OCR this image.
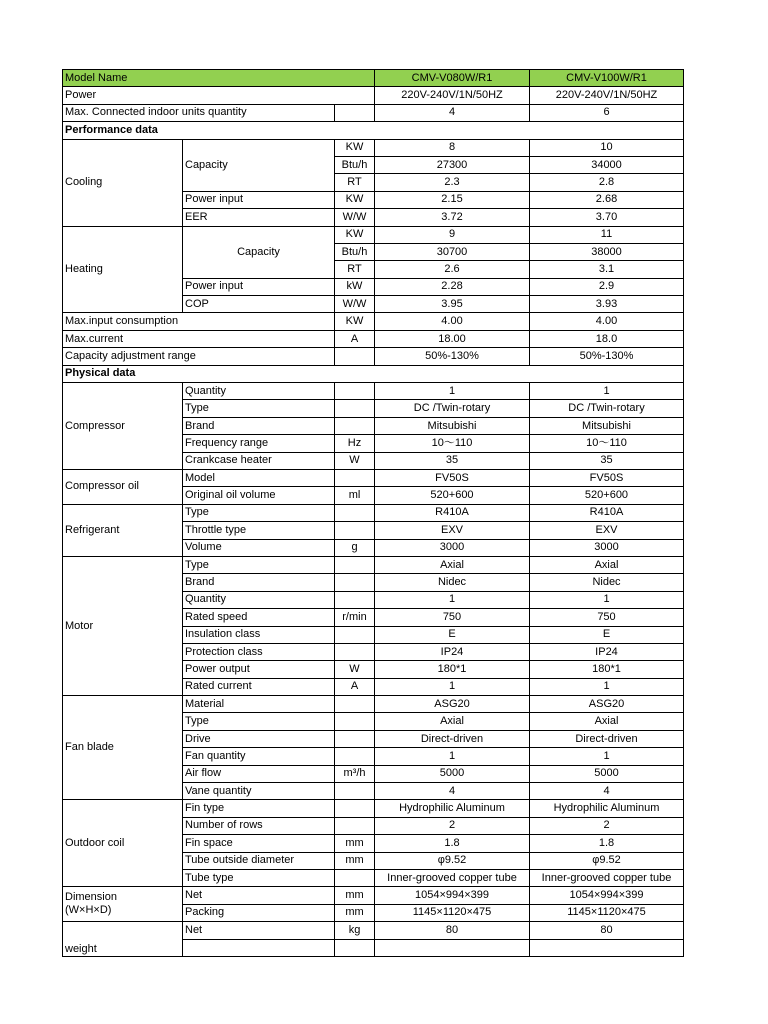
Model Name			CMV-V080W/R1	CMV-V100W/R1
Power			220V-240V/1N/50HZ	220V-240V/1N/50HZ
Max. Connected indoor units quantity			4	6
Performance data				
Cooling	Capacity	KW	8	10
		Btu/h	27300	34000
		RT	2.3	2.8
	Power input	KW	2.15	2.68
	EER	W/W	3.72	3.70
Heating	Capacity	KW	9	11
		Btu/h	30700	38000
		RT	2.6	3.1
	Power input	kW	2.28	2.9
	COP	W/W	3.95	3.93
Max.input consumption		KW	4.00	4.00
Max.current		A	18.00	18.0
Capacity adjustment range			50%-130%	50%-130%
Physical data				
Compressor	Quantity		1	1
	Type		DC /Twin-rotary	DC /Twin-rotary
	Brand		Mitsubishi	Mitsubishi
	Frequency range	Hz	10～110	10～110
	Crankcase heater	W	35	35
Compressor oil	Model		FV50S	FV50S
	Original oil volume	ml	520+600	520+600
Refrigerant	Type		R410A	R410A
	Throttle type		EXV	EXV
	Volume	g	3000	3000
Motor	Type		Axial	Axial
	Brand		Nidec	Nidec
	Quantity		1	1
	Rated speed	r/min	750	750
	Insulation class		E	E
	Protection class		IP24	IP24
	Power output	W	180*1	180*1
	Rated current	A	1	1
Fan blade	Material		ASG20	ASG20
	Type		Axial	Axial
	Drive		Direct-driven	Direct-driven
	Fan quantity		1	1
	Air flow	m³/h	5000	5000
	Vane quantity		4	4
Outdoor coil	Fin type		Hydrophilic Aluminum	Hydrophilic Aluminum
	Number of rows		2	2
	Fin space	mm	1.8	1.8
	Tube outside diameter	mm	φ9.52	φ9.52
	Tube type		Inner-grooved copper tube	Inner-grooved copper tube
Dimension
(W×H×D)	Net	mm	1054×994×399	1054×994×399
	Packing	mm	1145×1120×475	1145×1120×475
weight	Net	kg	80	80
